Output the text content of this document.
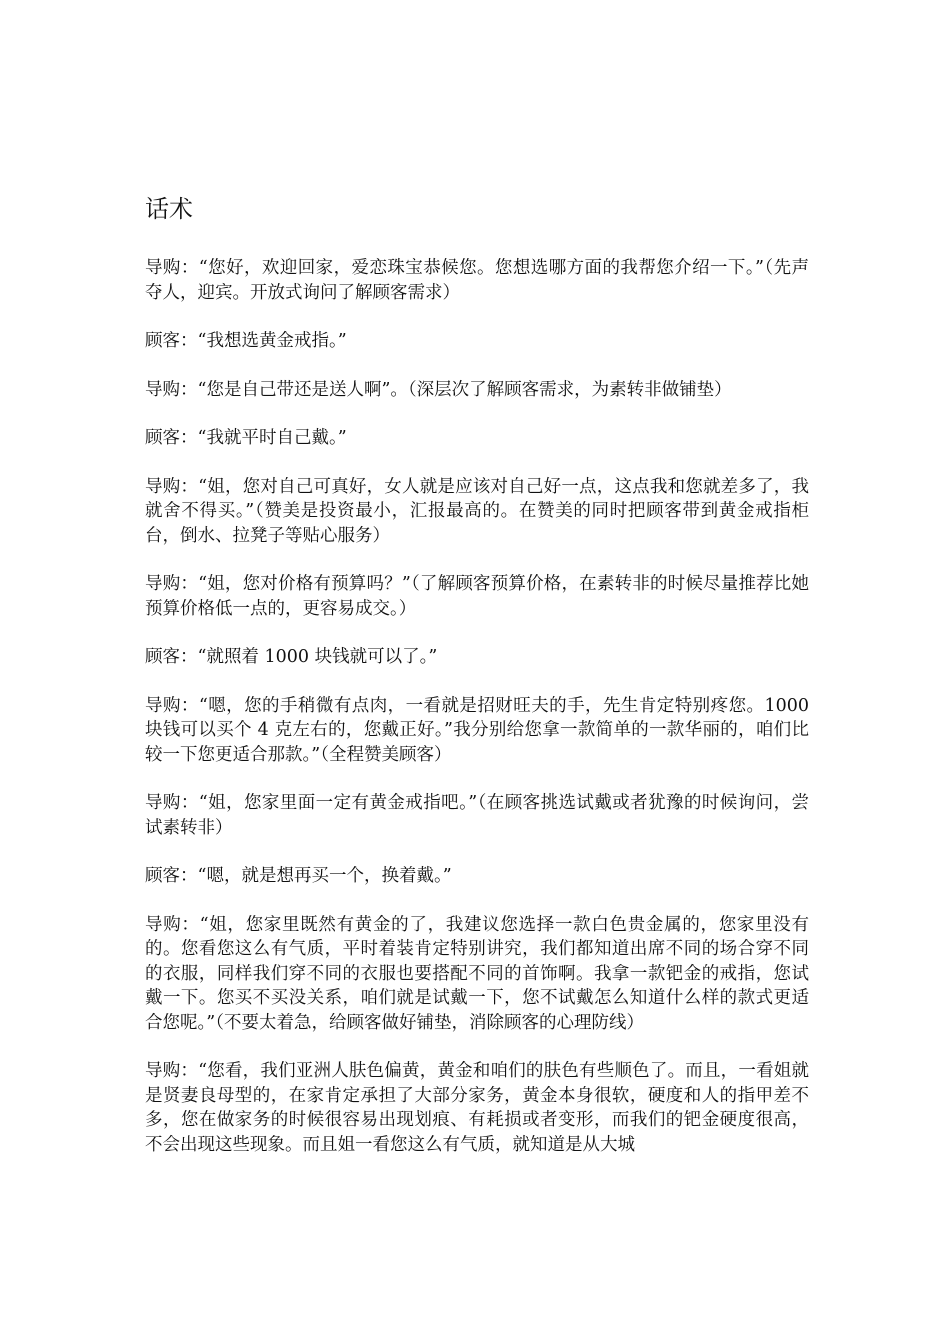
话术

导购：“您好，欢迎回家，爱恋珠宝恭候您。您想选哪方面的我帮您介绍一下。”（先声夺人，迎宾。开放式询问了解顾客需求）

顾客：“我想选黄金戒指。”

导购：“您是自己带还是送人啊”。（深层次了解顾客需求，为素转非做铺垫）

顾客：“我就平时自己戴。”

导购：“姐，您对自己可真好，女人就是应该对自己好一点，这点我和您就差多了，我就舍不得买。”（赞美是投资最小，汇报最高的。在赞美的同时把顾客带到黄金戒指柜台，倒水、拉凳子等贴心服务）

导购：“姐，您对价格有预算吗？”（了解顾客预算价格，在素转非的时候尽量推荐比她预算价格低一点的，更容易成交。）

顾客：“就照着 1000 块钱就可以了。”

导购：“嗯，您的手稍微有点肉，一看就是招财旺夫的手，先生肯定特别疼您。1000 块钱可以买个 4 克左右的，您戴正好。”我分别给您拿一款简单的一款华丽的，咱们比较一下您更适合那款。”（全程赞美顾客）

导购：“姐，您家里面一定有黄金戒指吧。”（在顾客挑选试戴或者犹豫的时候询问，尝试素转非）

顾客：“嗯，就是想再买一个，换着戴。”

导购：“姐，您家里既然有黄金的了，我建议您选择一款白色贵金属的，您家里没有的。您看您这么有气质，平时着装肯定特别讲究，我们都知道出席不同的场合穿不同的衣服，同样我们穿不同的衣服也要搭配不同的首饰啊。我拿一款钯金的戒指，您试戴一下。您买不买没关系，咱们就是试戴一下，您不试戴怎么知道什么样的款式更适合您呢。”（不要太着急，给顾客做好铺垫，消除顾客的心理防线）

导购：“您看，我们亚洲人肤色偏黄，黄金和咱们的肤色有些顺色了。而且，一看姐就是贤妻良母型的，在家肯定承担了大部分家务，黄金本身很软，硬度和人的指甲差不多，您在做家务的时候很容易出现划痕、有耗损或者变形，而我们的钯金硬度很高，不会出现这些现象。而且姐一看您这么有气质，就知道是从大城
